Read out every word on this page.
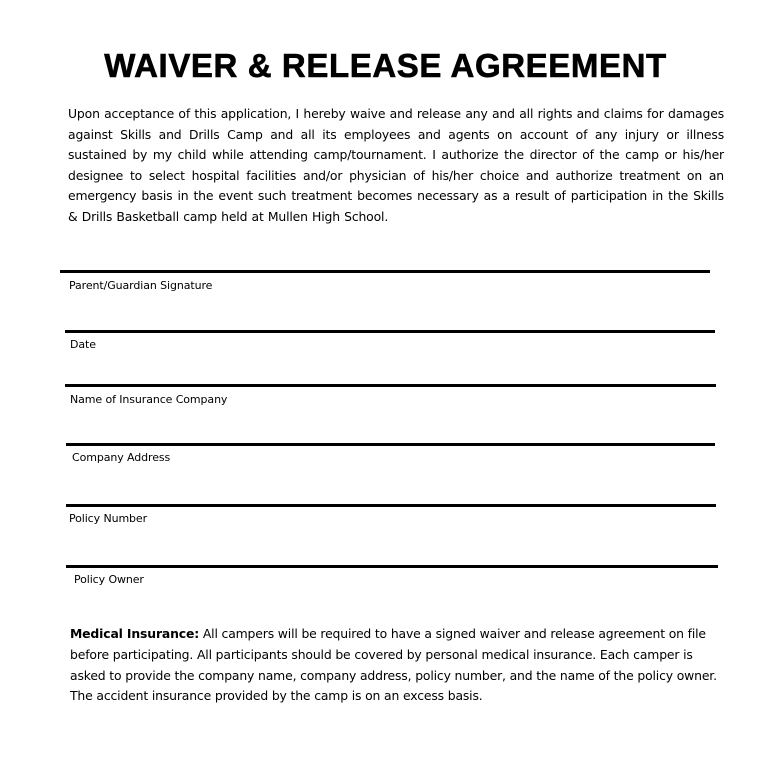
WAIVER & RELEASE AGREEMENT
Upon acceptance of this application, I hereby waive and release any and all rights and claims for damages against Skills and Drills Camp and all its employees and agents on account of any injury or illness sustained by my child while attending camp/tournament. I authorize the director of the camp or his/her designee to select hospital facilities and/or physician of his/her choice and authorize treatment on an emergency basis in the event such treatment becomes necessary as a result of participation in the Skills & Drills Basketball camp held at Mullen High School.
Parent/Guardian Signature
Date
Name of Insurance Company
Company Address
Policy Number
Policy Owner
Medical Insurance: All campers will be required to have a signed waiver and release agreement on file before participating. All participants should be covered by personal medical insurance. Each camper is asked to provide the company name, company address, policy number, and the name of the policy owner. The accident insurance provided by the camp is on an excess basis.
